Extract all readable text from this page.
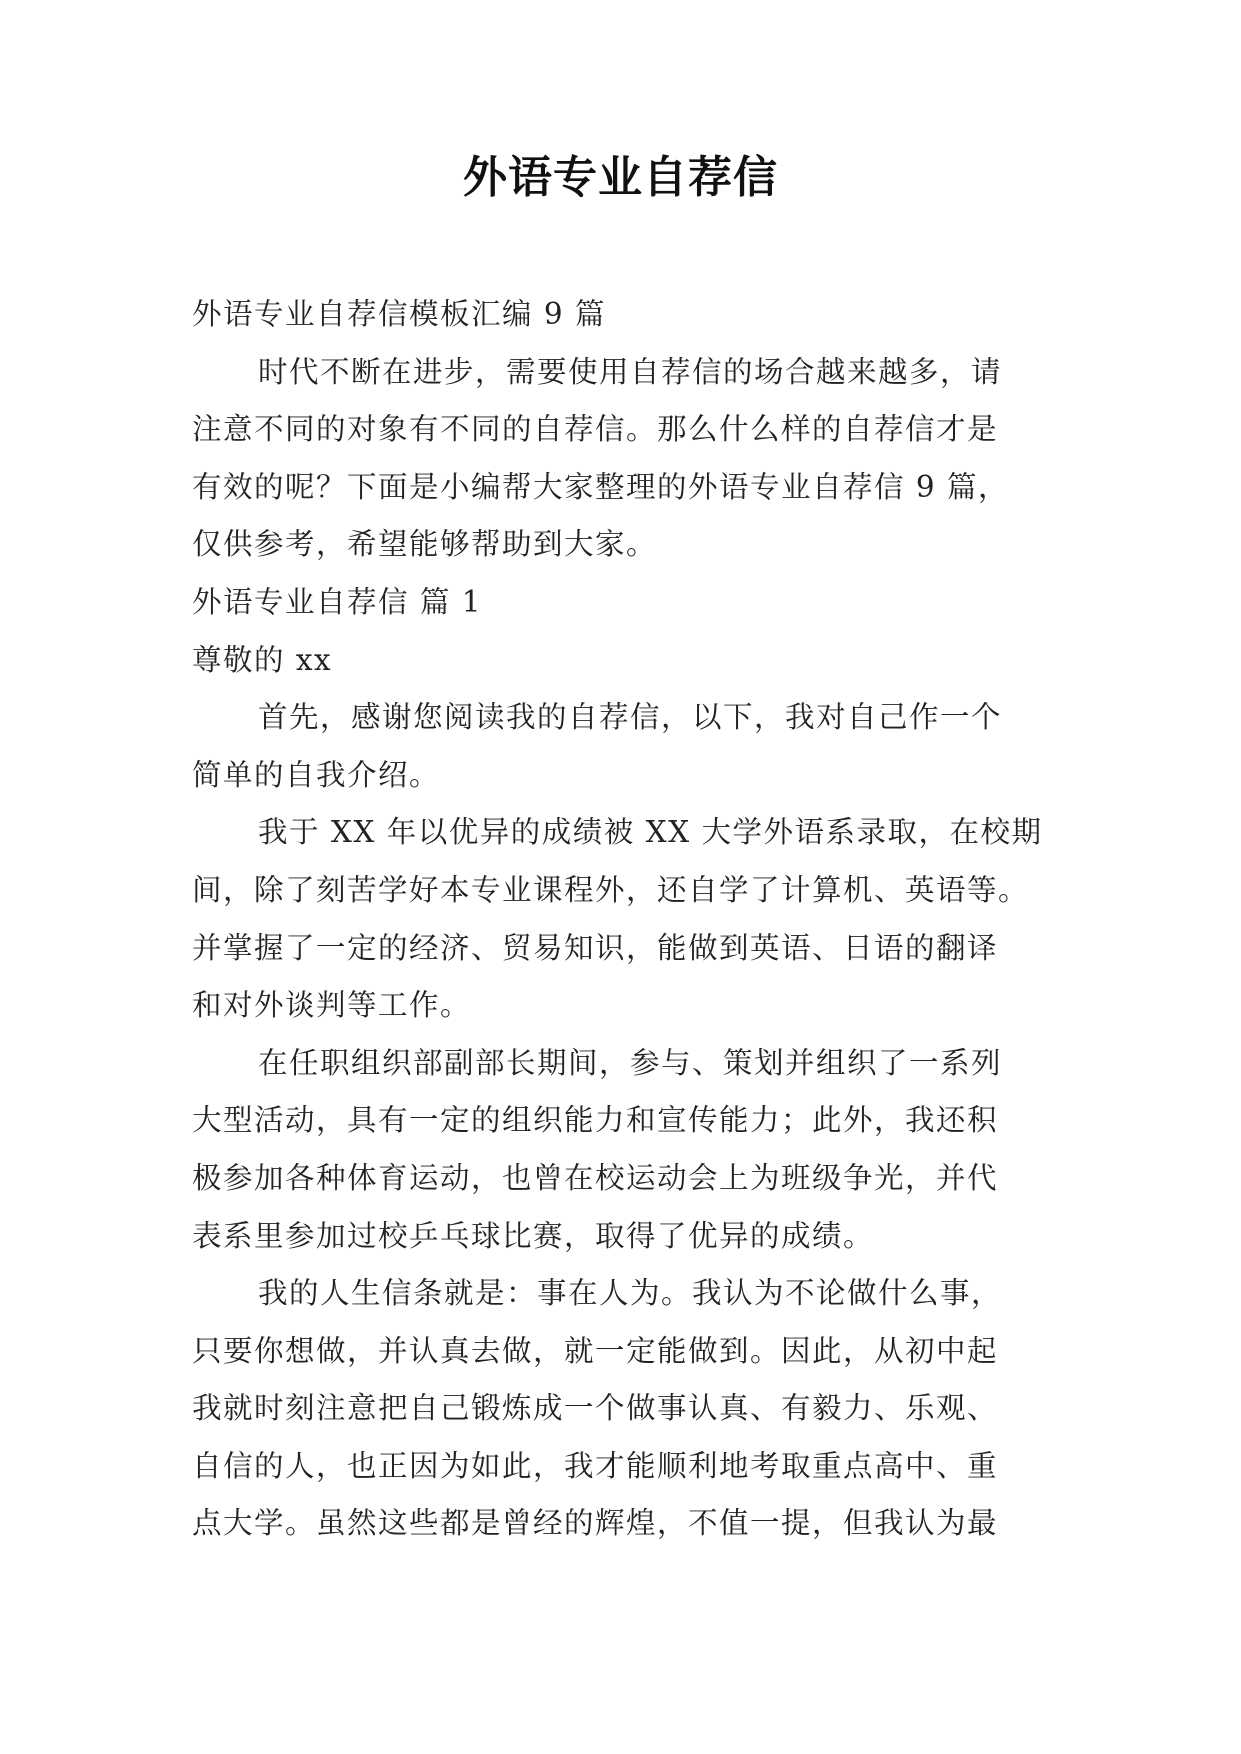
外语专业自荐信
外语专业自荐信模板汇编 9 篇
时代不断在进步，需要使用自荐信的场合越来越多，请
注意不同的对象有不同的自荐信。那么什么样的自荐信才是
有效的呢？下面是小编帮大家整理的外语专业自荐信 9 篇，
仅供参考，希望能够帮助到大家。
外语专业自荐信 篇 1
尊敬的 xx
首先，感谢您阅读我的自荐信，以下，我对自己作一个
简单的自我介绍。
我于 XX 年以优异的成绩被 XX 大学外语系录取，在校期
间，除了刻苦学好本专业课程外，还自学了计算机、英语等。
并掌握了一定的经济、贸易知识，能做到英语、日语的翻译
和对外谈判等工作。
在任职组织部副部长期间，参与、策划并组织了一系列
大型活动，具有一定的组织能力和宣传能力；此外，我还积
极参加各种体育运动，也曾在校运动会上为班级争光，并代
表系里参加过校乒乓球比赛，取得了优异的成绩。
我的人生信条就是：事在人为。我认为不论做什么事，
只要你想做，并认真去做，就一定能做到。因此，从初中起
我就时刻注意把自己锻炼成一个做事认真、有毅力、乐观、
自信的人，也正因为如此，我才能顺利地考取重点高中、重
点大学。虽然这些都是曾经的辉煌，不值一提，但我认为最
